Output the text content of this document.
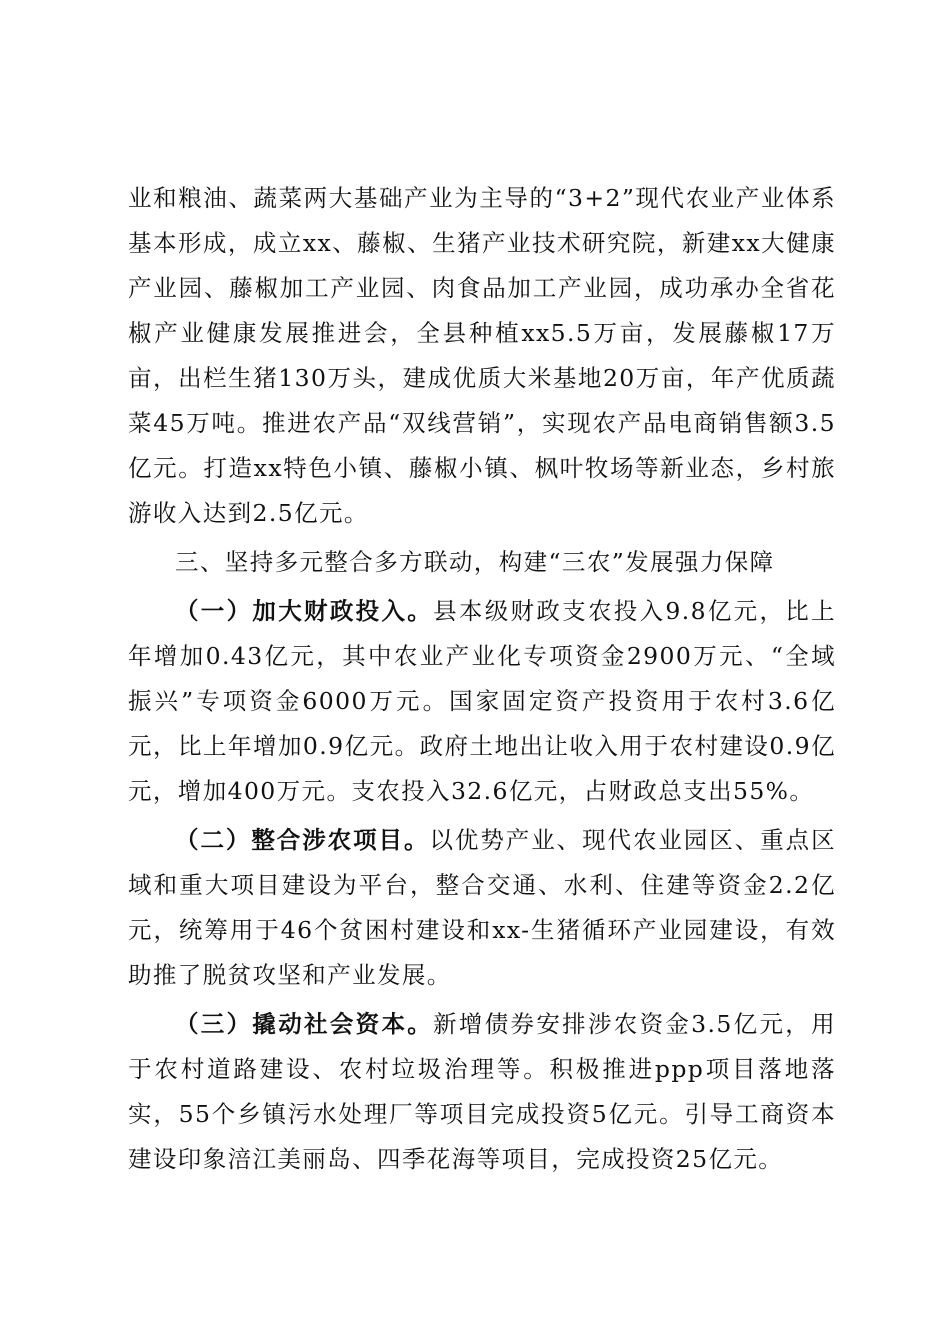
业和粮油、蔬菜两大基础产业为主导的“3+2”现代农业产业体系基本形成，成立xx、藤椒、生猪产业技术研究院，新建xx大健康产业园、藤椒加工产业园、肉食品加工产业园，成功承办全省花椒产业健康发展推进会，全县种植xx5.5万亩，发展藤椒17万亩，出栏生猪130万头，建成优质大米基地20万亩，年产优质蔬菜45万吨。推进农产品“双线营销”，实现农产品电商销售额3.5亿元。打造xx特色小镇、藤椒小镇、枫叶牧场等新业态，乡村旅游收入达到2.5亿元。

三、坚持多元整合多方联动，构建“三农”发展强力保障

（一）加大财政投入。县本级财政支农投入9.8亿元，比上年增加0.43亿元，其中农业产业化专项资金2900万元、“全域振兴”专项资金6000万元。国家固定资产投资用于农村3.6亿元，比上年增加0.9亿元。政府土地出让收入用于农村建设0.9亿元，增加400万元。支农投入32.6亿元，占财政总支出55%。

（二）整合涉农项目。以优势产业、现代农业园区、重点区域和重大项目建设为平台，整合交通、水利、住建等资金2.2亿元，统筹用于46个贫困村建设和xx-生猪循环产业园建设，有效助推了脱贫攻坚和产业发展。

（三）撬动社会资本。新增债券安排涉农资金3.5亿元，用于农村道路建设、农村垃圾治理等。积极推进ppp项目落地落实，55个乡镇污水处理厂等项目完成投资5亿元。引导工商资本建设印象涪江美丽岛、四季花海等项目，完成投资25亿元。
